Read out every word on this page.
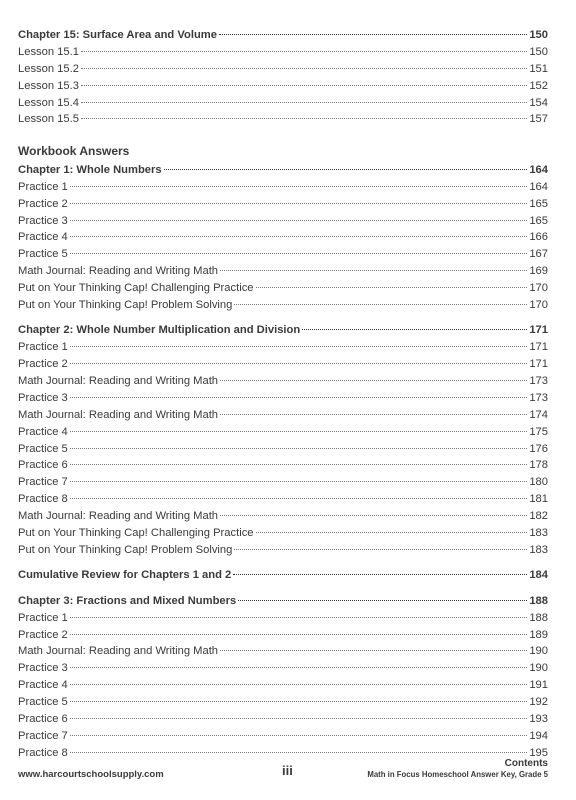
Chapter 15: Surface Area and Volume	150
Lesson 15.1	150
Lesson 15.2	151
Lesson 15.3	152
Lesson 15.4	154
Lesson 15.5	157
Workbook Answers
Chapter 1: Whole Numbers	164
Practice 1	164
Practice 2	165
Practice 3	165
Practice 4	166
Practice 5	167
Math Journal: Reading and Writing Math	169
Put on Your Thinking Cap! Challenging Practice	170
Put on Your Thinking Cap! Problem Solving	170
Chapter 2: Whole Number Multiplication and Division	171
Practice 1	171
Practice 2	171
Math Journal: Reading and Writing Math	173
Practice 3	173
Math Journal: Reading and Writing Math	174
Practice 4	175
Practice 5	176
Practice 6	178
Practice 7	180
Practice 8	181
Math Journal: Reading and Writing Math	182
Put on Your Thinking Cap! Challenging Practice	183
Put on Your Thinking Cap! Problem Solving	183
Cumulative Review for Chapters 1 and 2	184
Chapter 3: Fractions and Mixed Numbers	188
Practice 1	188
Practice 2	189
Math Journal: Reading and Writing Math	190
Practice 3	190
Practice 4	191
Practice 5	192
Practice 6	193
Practice 7	194
Practice 8	195
www.harcourtschoolsupply.com	iii	Contents
Math in Focus Homeschool Answer Key, Grade 5
